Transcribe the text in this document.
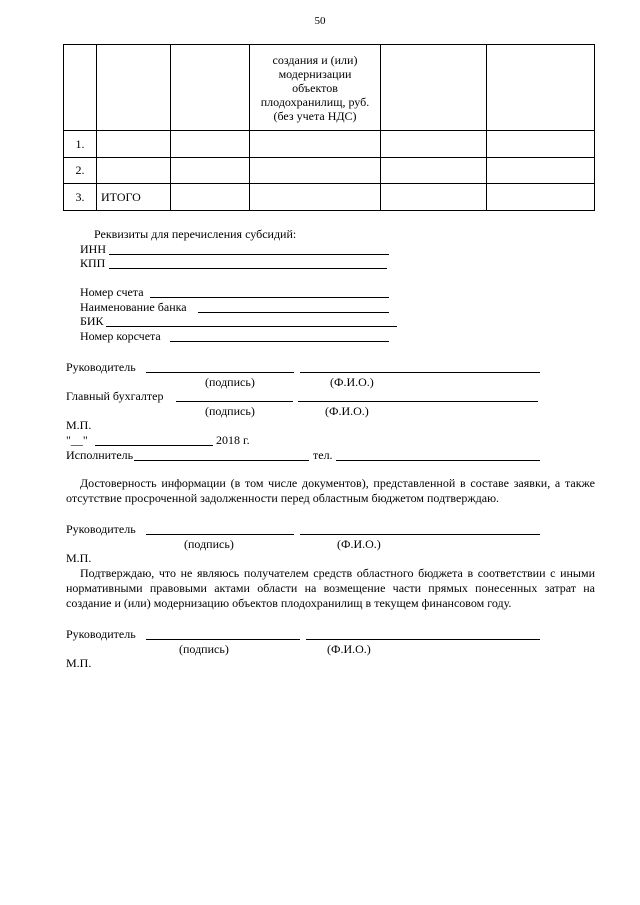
50

			создания и (или)
модернизации
объектов
плодохранилищ, руб.
(без учета НДС)		

1.					
2.					
3.	ИТОГО				
Реквизиты для перечисления субсидий:
ИНН
КПП
Номер счета
Наименование банка
БИК
Номер корсчета
Руководитель
(подпись)	(Ф.И.О.)
Главный бухгалтер
(подпись)	(Ф.И.О.)
М.П.
"__"	2018 г.
Исполнитель	тел.
Достоверность информации (в том числе документов), представленной в составе заявки, а также отсутствие просроченной задолженности перед областным бюджетом подтверждаю.
Руководитель
(подпись)	(Ф.И.О.)
М.П.
Подтверждаю, что не являюсь получателем средств областного бюджета в соответствии с иными нормативными правовыми актами области на возмещение части прямых понесенных затрат на создание и (или) модернизацию объектов плодохранилищ в текущем финансовом году.
Руководитель
(подпись)	(Ф.И.О.)
М.П.
